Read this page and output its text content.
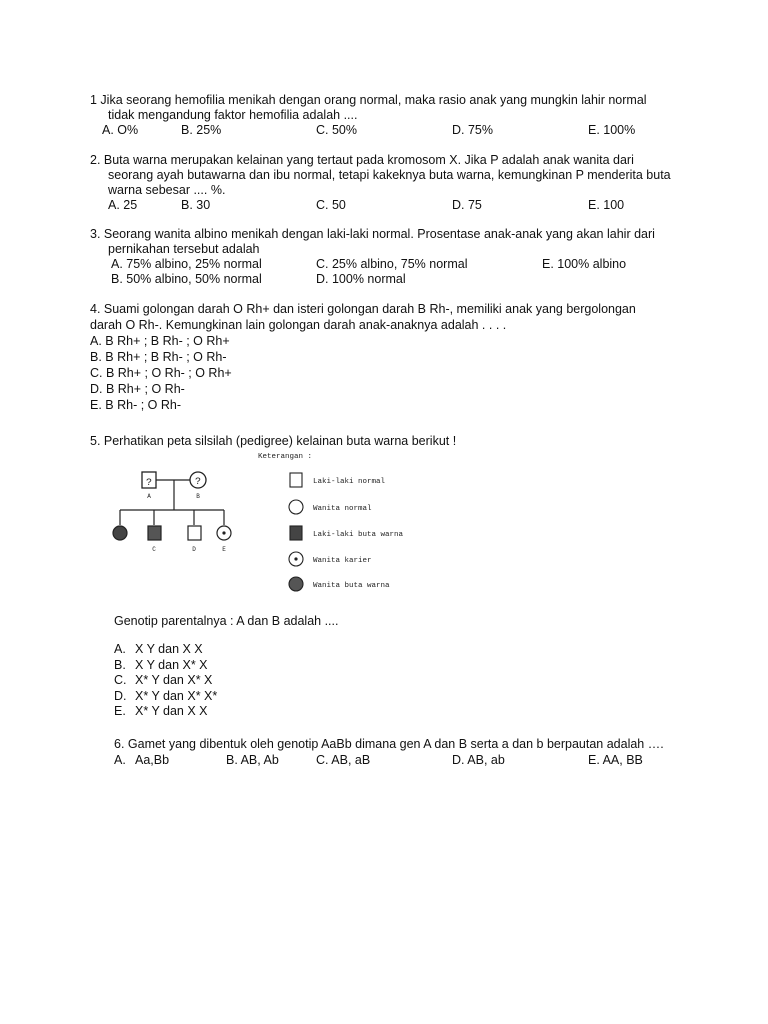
1 Jika seorang hemofilia menikah dengan orang normal, maka rasio anak yang mungkin lahir normal
tidak mengandung faktor hemofilia adalah ....
A. O%	B. 25%	C. 50%	D. 75%	E. 100%
2. Buta warna merupakan kelainan yang tertaut pada kromosom X. Jika P adalah anak wanita dari
seorang ayah butawarna dan ibu normal, tetapi kakeknya buta warna, kemungkinan P menderita buta
warna sebesar .... %.
A. 25	B. 30	C. 50	D. 75	E. 100
3. Seorang wanita albino menikah dengan laki-laki normal. Prosentase anak-anak yang akan lahir dari
pernikahan tersebut adalah
A. 75% albino, 25% normal	C. 25% albino, 75% normal	E. 100% albino
B. 50% albino, 50% normal	D. 100% normal
4. Suami golongan darah O Rh+ dan isteri golongan darah B Rh-, memiliki anak yang bergolongan
darah O Rh-. Kemungkinan lain golongan darah anak-anaknya adalah . . . .
A. B Rh+ ; B Rh- ; O Rh+
B. B Rh+ ; B Rh- ; O Rh-
C. B Rh+ ; O Rh- ; O Rh+
D. B Rh+ ; O Rh-
E. B Rh- ; O Rh-
5. Perhatikan peta silsilah (pedigree) kelainan buta warna berikut !
?	?
A	B
C	D	E
Keterangan :
Laki-laki normal
Wanita normal
Laki-laki buta warna
Wanita karier
Wanita buta warna
Genotip parentalnya : A dan B adalah ....
A. X Y dan X X
B. X Y dan X* X
C. X* Y dan X* X
D. X* Y dan X* X*
E. X* Y dan X X
6. Gamet yang dibentuk oleh genotip AaBb dimana gen A dan B serta a dan b berpautan adalah ….
A. Aa,Bb	B. AB, Ab	C. AB, aB	D. AB, ab	E. AA, BB
